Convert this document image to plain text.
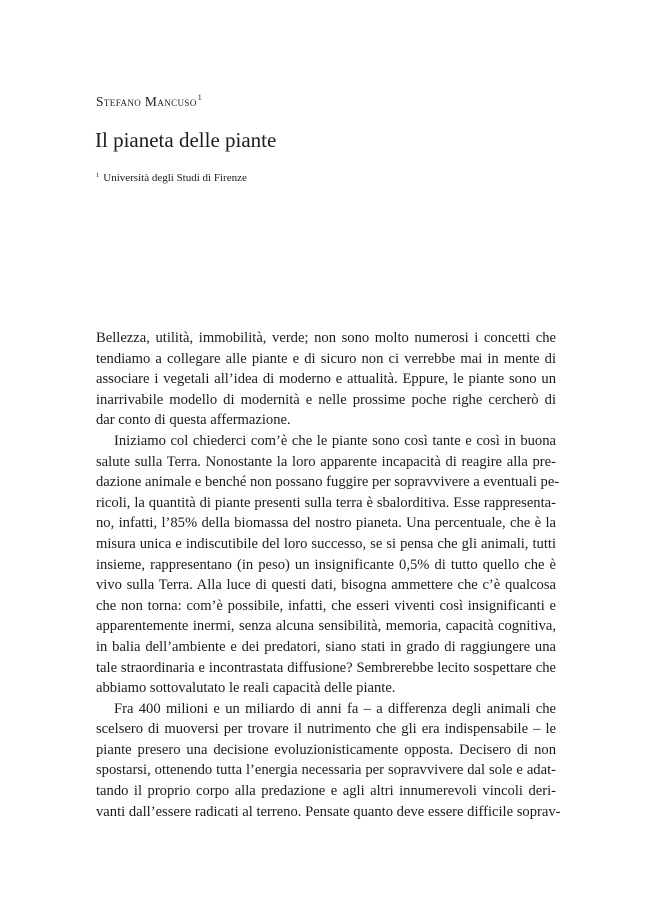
Stefano Mancuso$^1$
Il pianeta delle piante
$^1$ Università degli Studi di Firenze
Bellezza, utilità, immobilità, verde; non sono molto numerosi i concetti che
tendiamo a collegare alle piante e di sicuro non ci verrebbe mai in mente di
associare i vegetali all’idea di moderno e attualità. Eppure, le piante sono un
inarrivabile modello di modernità e nelle prossime poche righe cercherò di
dar conto di questa affermazione.
Iniziamo col chiederci com’è che le piante sono così tante e così in buona
salute sulla Terra. Nonostante la loro apparente incapacità di reagire alla pre-
dazione animale e benché non possano fuggire per sopravvivere a eventuali pe-
ricoli, la quantità di piante presenti sulla terra è sbalorditiva. Esse rappresenta-
no, infatti, l’85% della biomassa del nostro pianeta. Una percentuale, che è la
misura unica e indiscutibile del loro successo, se si pensa che gli animali, tutti
insieme, rappresentano (in peso) un insignificante 0,5% di tutto quello che è
vivo sulla Terra. Alla luce di questi dati, bisogna ammettere che c’è qualcosa
che non torna: com’è possibile, infatti, che esseri viventi così insignificanti e
apparentemente inermi, senza alcuna sensibilità, memoria, capacità cognitiva,
in balia dell’ambiente e dei predatori, siano stati in grado di raggiungere una
tale straordinaria e incontrastata diffusione? Sembrerebbe lecito sospettare che
abbiamo sottovalutato le reali capacità delle piante.
Fra 400 milioni e un miliardo di anni fa – a differenza degli animali che
scelsero di muoversi per trovare il nutrimento che gli era indispensabile – le
piante presero una decisione evoluzionisticamente opposta. Decisero di non
spostarsi, ottenendo tutta l’energia necessaria per sopravvivere dal sole e adat-
tando il proprio corpo alla predazione e agli altri innumerevoli vincoli deri-
vanti dall’essere radicati al terreno. Pensate quanto deve essere difficile soprav-
